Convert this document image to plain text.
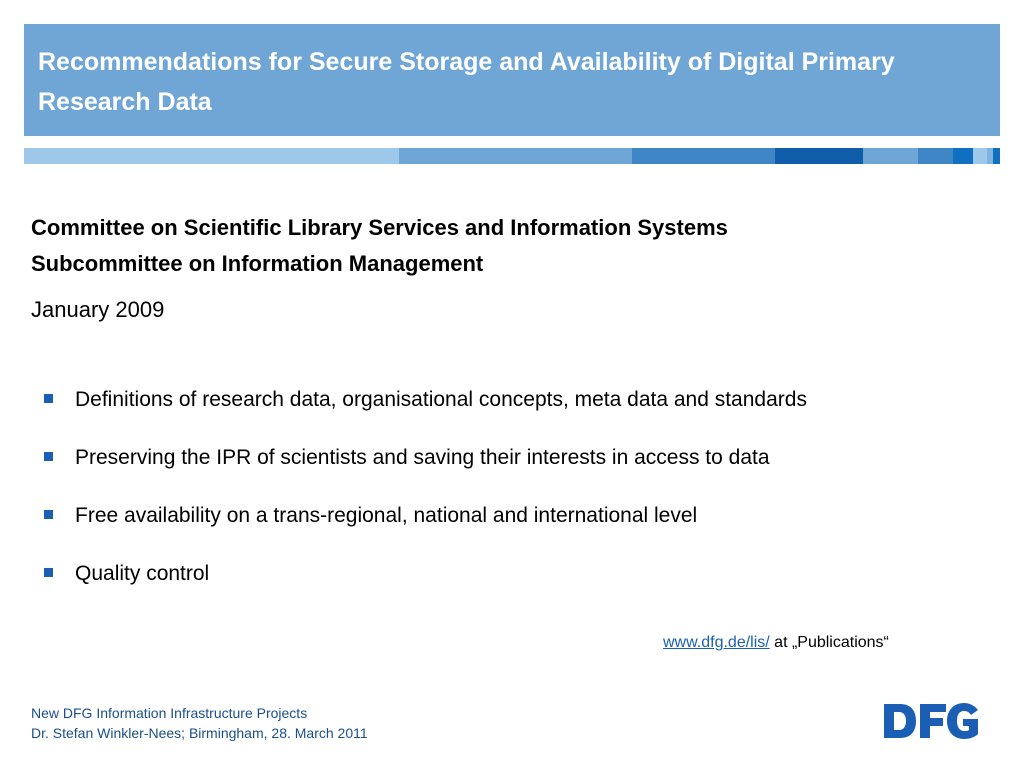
Recommendations for Secure Storage and Availability of Digital Primary Research Data
Committee on Scientific Library Services and Information Systems
Subcommittee on Information Management
January 2009
Definitions of research data, organisational concepts, meta data and standards
Preserving the IPR of scientists and saving their interests in access to data
Free availability on a trans-regional, national and international level
Quality control
www.dfg.de/lis/ at „Publications“
New DFG Information Infrastructure Projects
Dr. Stefan Winkler-Nees; Birmingham, 28. March 2011
